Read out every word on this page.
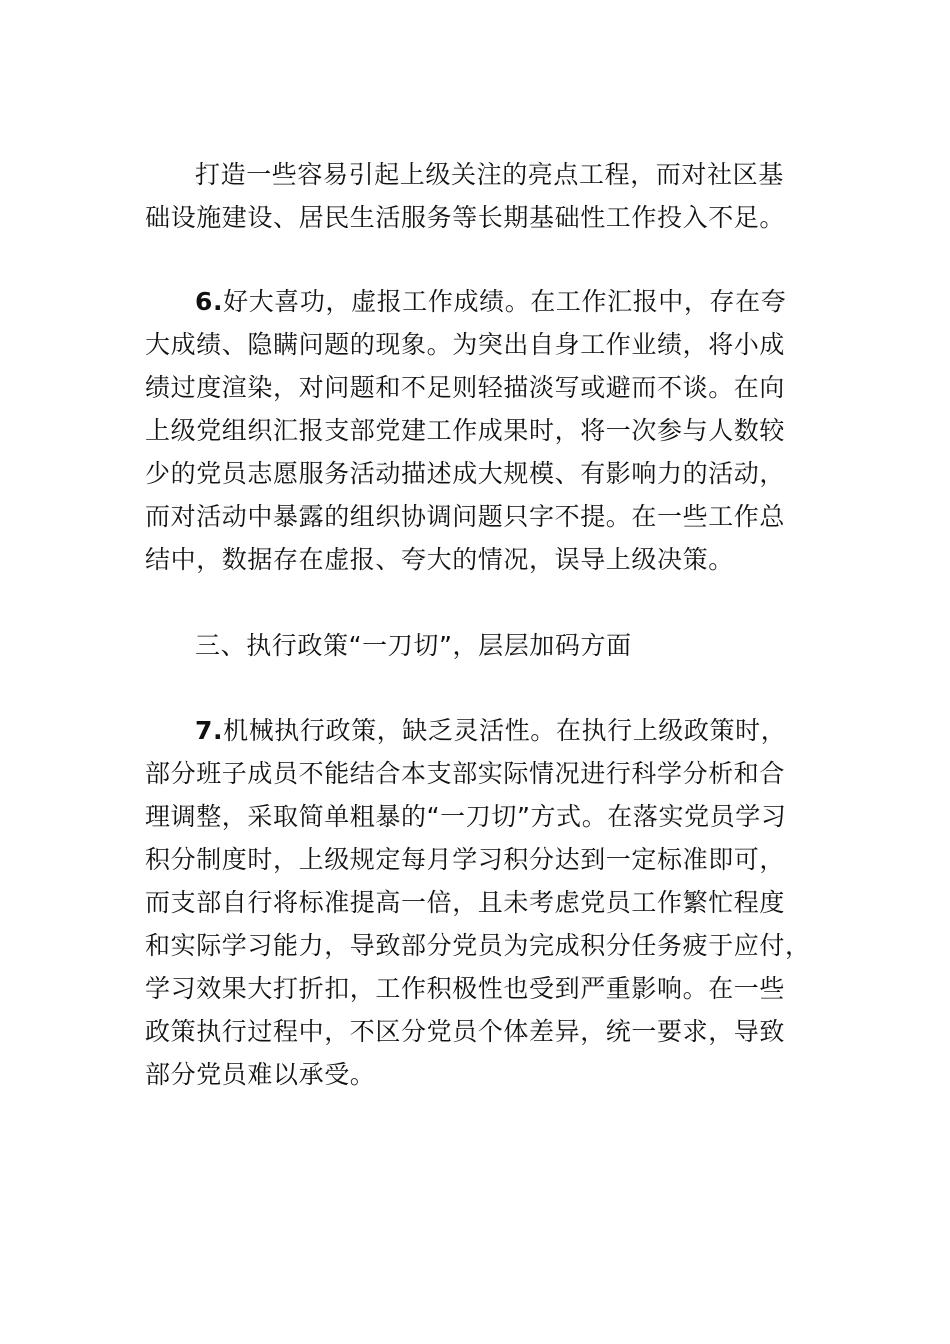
打造一些容易引起上级关注的亮点工程，而对社区基
础设施建设、居民生活服务等长期基础性工作投入不足。
6.好大喜功，虚报工作成绩。在工作汇报中，存在夸
大成绩、隐瞒问题的现象。为突出自身工作业绩，将小成
绩过度渲染，对问题和不足则轻描淡写或避而不谈。在向
上级党组织汇报支部党建工作成果时，将一次参与人数较
少的党员志愿服务活动描述成大规模、有影响力的活动，
而对活动中暴露的组织协调问题只字不提。在一些工作总
结中，数据存在虚报、夸大的情况，误导上级决策。
三、执行政策“一刀切”，层层加码方面
7.机械执行政策，缺乏灵活性。在执行上级政策时，
部分班子成员不能结合本支部实际情况进行科学分析和合
理调整，采取简单粗暴的“一刀切”方式。在落实党员学习
积分制度时，上级规定每月学习积分达到一定标准即可，
而支部自行将标准提高一倍，且未考虑党员工作繁忙程度
和实际学习能力，导致部分党员为完成积分任务疲于应付，
学习效果大打折扣，工作积极性也受到严重影响。在一些
政策执行过程中，不区分党员个体差异，统一要求，导致
部分党员难以承受。
